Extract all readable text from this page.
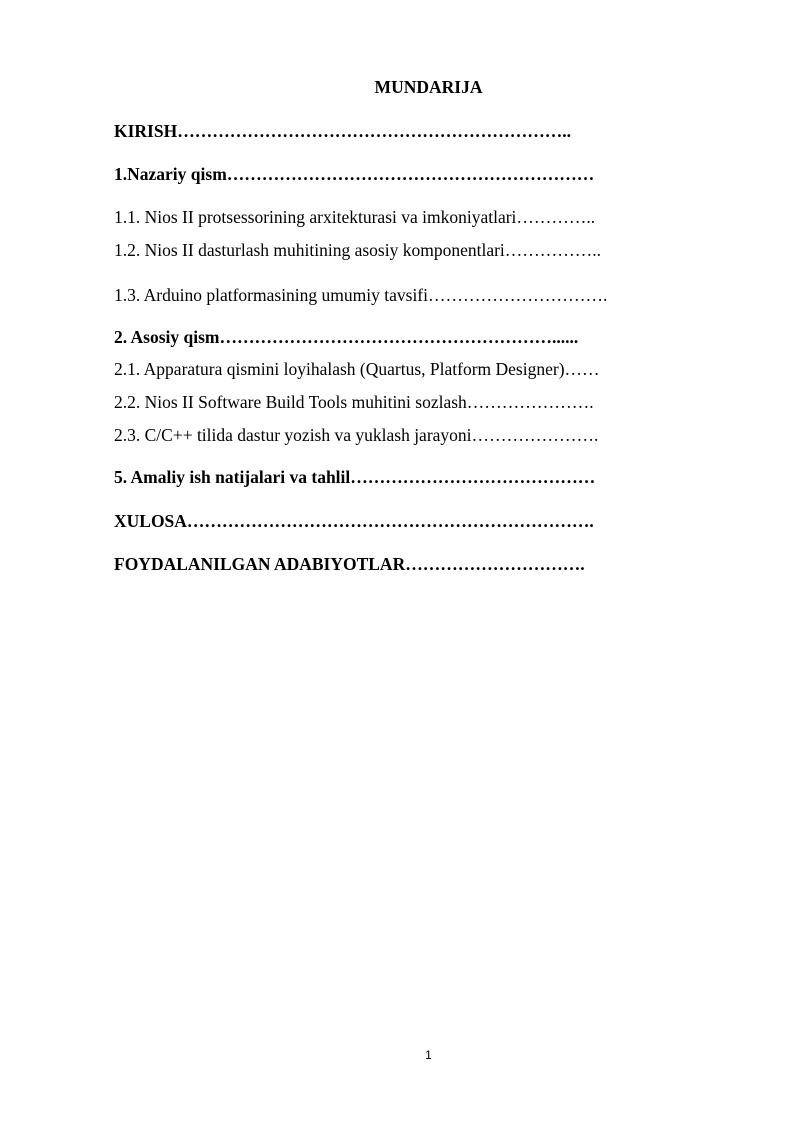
MUNDARIJA
KIRISH…………………………………………………………..
1.Nazariy qism………………………………………………………
1.1. Nios II protsessorining arxitekturasi va imkoniyatlari…………..
1.2. Nios II dasturlash muhitining asosiy komponentlari……………..
1.3. Arduino platformasining umumiy tavsifi………………………….
2. Asosiy qism…………………………………………………......
2.1. Apparatura qismini loyihalash (Quartus, Platform Designer)……
2.2. Nios II Software Build Tools muhitini sozlash………………….
2.3. C/C++ tilida dastur yozish va yuklash jarayoni………………….
5. Amaliy ish natijalari va tahlil……………………………………
XULOSA…………………………………………………………….
FOYDALANILGAN ADABIYOTLAR………………………….
1
